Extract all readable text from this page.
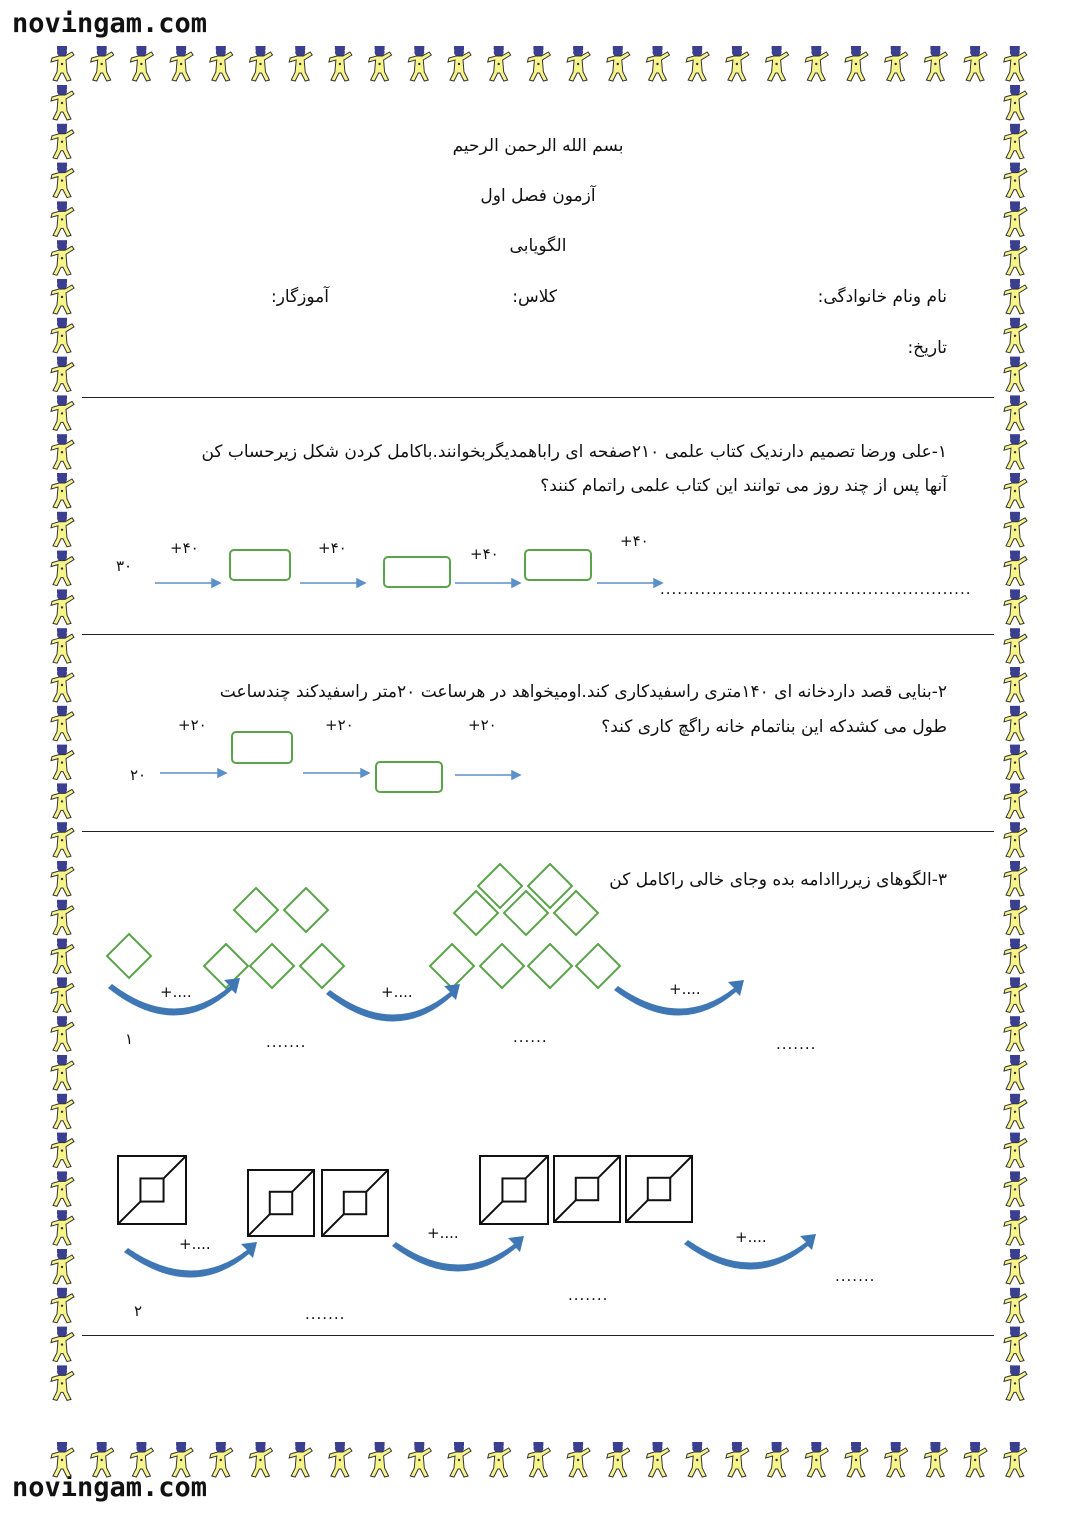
novingam.com
novingam.com
بسم الله الرحمن الرحیم
آزمون فصل اول
الگویابی
نام ونام خانوادگی:
کلاس:
آموزگار:
تاریخ:
۱-علی ورضا تصمیم دارندیک کتاب علمی ۲۱۰صفحه ای راباهمدیگربخوانند.باکامل کردن شکل زیرحساب کن
آنها پس از چند روز می توانند این کتاب علمی راتمام کنند؟
۳۰
+۴۰	+۴۰	+۴۰
+۴۰
......................................................
۲-بنایی قصد داردخانه ای ۱۴۰متری راسفیدکاری کند.اومیخواهد در هرساعت ۲۰متر راسفیدکند چندساعت
طول می کشدکه این بناتمام خانه راگچ کاری کند؟
۲۰
+۲۰	+۲۰	+۲۰
۳-الگوهای زیرراادامه بده وجای خالی راکامل کن
+....	+....	+....
۱	.......	......	.......
+....
+....	+....
۲	.......
.......
.......
